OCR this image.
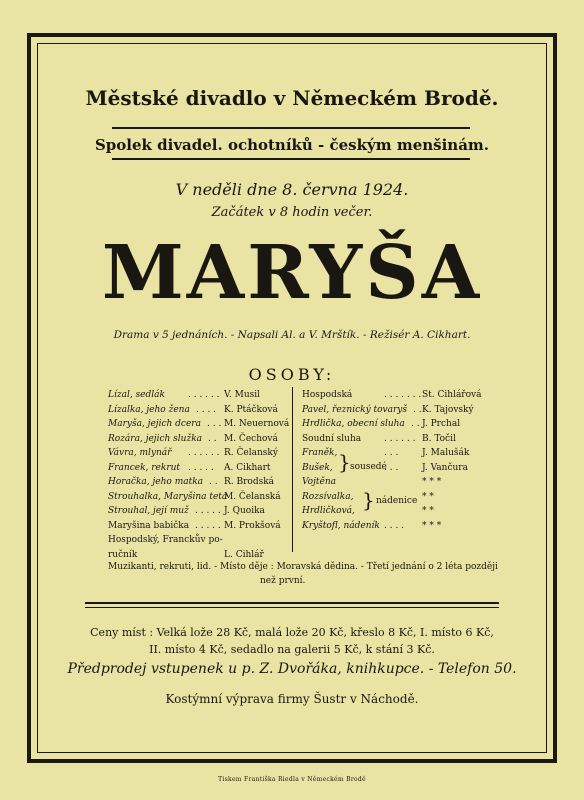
Městské divadlo v Německém Brodě.
Spolek divadel. ochotníků - českým menšinám.
V neděli dne 8. června 1924.
Začátek v 8 hodin večer.
MARYŠA
Drama v 5 jednáních. - Napsali Al. a V. Mrštík. - Režisér A. Cikhart.
OSOBY:
Lízal, sedlák	. . . . . . V. Musil
Lízalka, jeho žena . . . . K. Ptáčková
Maryša, jejich dcera . . . M. Neuernová
Rozára, jejich služka . . M. Čechová
Vávra, mlynář . . . . . . R. Čelanský
Francek, rekrut . . . . . A. Cikhart
Horačka, jeho matka . . R. Brodská
Strouhalka, Maryšina teta
M. Čelanská
Strouhal, její muž . . . . . J. Quoika
Maryšina babička . . . . . M. Prokšová
Hospodský, Franckův po-
ručník	L. Cihlář
Hospodská	. . . . . . . St. Cihlářová
Pavel, řeznický tovaryš . . K. Tajovský
Hrdlička, obecní sluha . . J. Prchal
Soudní sluha	. . . . . . B. Točil
Franěk,	. . .	J. Malušák
Bušek,	. . .	J. Vančura
Vojtěna	* * *
Rozsívalka,	* *
Hrdličková,	* *
Kryštofl, nádeník . . . . * * *
} sousedé
} nádenice
Muzikanti, rekruti, lid. - Místo děje : Moravská dědina. - Třetí jednání o 2 léta později
než první.
Ceny míst : Velká lože 28 Kč, malá lože 20 Kč, křeslo 8 Kč, I. místo 6 Kč,
II. místo 4 Kč, sedadlo na galerii 5 Kč, k stání 3 Kč.
Předprodej vstupenek u p. Z. Dvořáka, knihkupce. - Telefon 50.
Kostýmní výprava firmy Šustr v Náchodě.
Tiskem Františka Riedla v Německém Brodě
